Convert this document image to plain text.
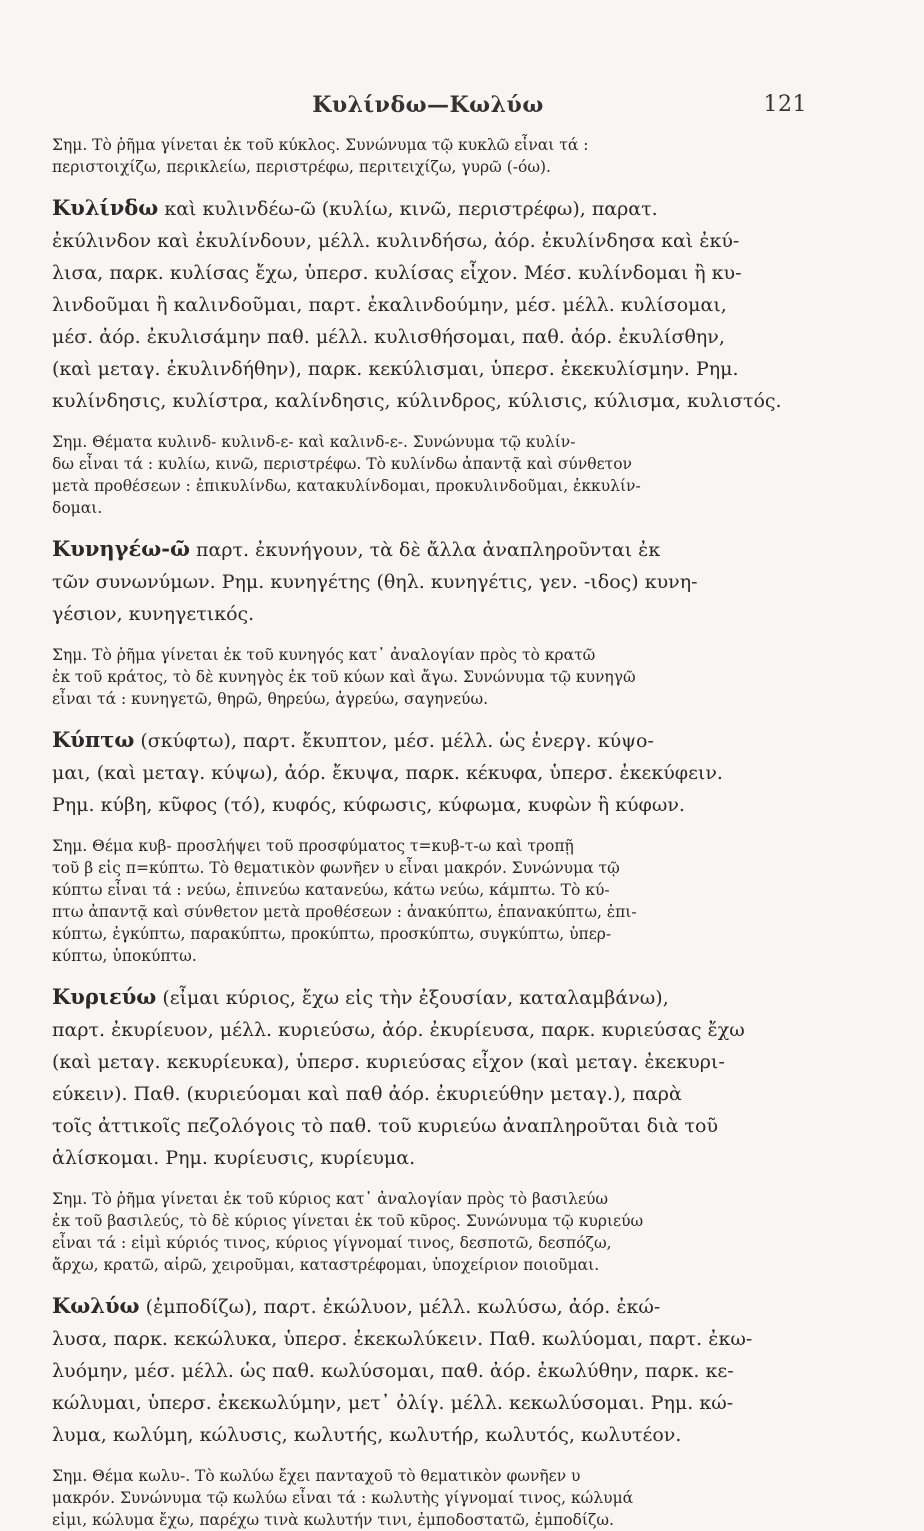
Κυλίνδω—Κωλύω	121

Σημ. Τὸ ῥῆμα γίνεται ἐκ τοῦ κύκλος. Συνώνυμα τῷ κυκλῶ εἶναι τά :

περιστοιχίζω, περικλείω, περιστρέφω, περιτειχίζω, γυρῶ (-όω).

Κυλίνδω καὶ κυλινδέω-ῶ (κυλίω, κινῶ, περιστρέφω), παρατ.

ἐκύλινδον καὶ ἐκυλίνδουν, μέλλ. κυλινδήσω, ἀόρ. ἐκυλίνδησα καὶ ἐκύ-

λισα, παρκ. κυλίσας ἔχω, ὑπερσ. κυλίσας εἶχον. Μέσ. κυλίνδομαι ἢ κυ-

λινδοῦμαι ἢ καλινδοῦμαι, παρτ. ἐκαλινδούμην, μέσ. μέλλ. κυλίσομαι,

μέσ. ἀόρ. ἐκυλισάμην παθ. μέλλ. κυλισθήσομαι, παθ. ἀόρ. ἐκυλίσθην,

(καὶ μεταγ. ἐκυλινδήθην), παρκ. κεκύλισμαι, ὑπερσ. ἐκεκυλίσμην. Ρημ.

κυλίνδησις, κυλίστρα, καλίνδησις, κύλινδρος, κύλισις, κύλισμα, κυλιστός.

Σημ. Θέματα κυλινδ- κυλινδ-ε- καὶ καλινδ-ε-. Συνώνυμα τῷ κυλίν-

δω εἶναι τά : κυλίω, κινῶ, περιστρέφω. Τὸ κυλίνδω ἀπαντᾷ καὶ σύνθετον

μετὰ προθέσεων : ἐπικυλίνδω, κατακυλίνδομαι, προκυλινδοῦμαι, ἐκκυλίν-

δομαι.

Κυνηγέω-ῶ παρτ. ἐκυνήγουν, τὰ δὲ ἄλλα ἀναπληροῦνται ἐκ

τῶν συνωνύμων. Ρημ. κυνηγέτης (θηλ. κυνηγέτις, γεν. -ιδος) κυνη-

γέσιον, κυνηγετικός.

Σημ. Τὸ ῥῆμα γίνεται ἐκ τοῦ κυνηγός κατ᾽ ἀναλογίαν πρὸς τὸ κρατῶ

ἐκ τοῦ κράτος, τὸ δὲ κυνηγὸς ἐκ τοῦ κύων καὶ ἄγω. Συνώνυμα τῷ κυνηγῶ

εἶναι τά : κυνηγετῶ, θηρῶ, θηρεύω, ἀγρεύω, σαγηνεύω.

Κύπτω (σκύφτω), παρτ. ἔκυπτον, μέσ. μέλλ. ὡς ἐνεργ. κύψο-

μαι, (καὶ μεταγ. κύψω), ἀόρ. ἔκυψα, παρκ. κέκυφα, ὑπερσ. ἐκεκύφειν.

Ρημ. κύβη, κῦφος (τό), κυφός, κύφωσις, κύφωμα, κυφὼν ἢ κύφων.

Σημ. Θέμα κυβ- προσλήψει τοῦ προσφύματος τ=κυβ-τ-ω καὶ τροπῇ

τοῦ β εἰς π=κύπτω. Τὸ θεματικὸν φωνῆεν υ εἶναι μακρόν. Συνώνυμα τῷ

κύπτω εἶναι τά : νεύω, ἐπινεύω κατανεύω, κάτω νεύω, κάμπτω. Τὸ κύ-

πτω ἀπαντᾷ καὶ σύνθετον μετὰ προθέσεων : ἀνακύπτω, ἐπανακύπτω, ἐπι-

κύπτω, ἐγκύπτω, παρακύπτω, προκύπτω, προσκύπτω, συγκύπτω, ὑπερ-

κύπτω, ὑποκύπτω.

Κυριεύω (εἶμαι κύριος, ἔχω εἰς τὴν ἐξουσίαν, καταλαμβάνω),

παρτ. ἐκυρίευον, μέλλ. κυριεύσω, ἀόρ. ἐκυρίευσα, παρκ. κυριεύσας ἔχω

(καὶ μεταγ. κεκυρίευκα), ὑπερσ. κυριεύσας εἶχον (καὶ μεταγ. ἐκεκυρι-

εύκειν). Παθ. (κυριεύομαι καὶ παθ ἀόρ. ἐκυριεύθην μεταγ.), παρὰ

τοῖς ἀττικοῖς πεζολόγοις τὸ παθ. τοῦ κυριεύω ἀναπληροῦται διὰ τοῦ

ἁλίσκομαι. Ρημ. κυρίευσις, κυρίευμα.

Σημ. Τὸ ῥῆμα γίνεται ἐκ τοῦ κύριος κατ᾽ ἀναλογίαν πρὸς τὸ βασιλεύω

ἐκ τοῦ βασιλεύς, τὸ δὲ κύριος γίνεται ἐκ τοῦ κῦρος. Συνώνυμα τῷ κυριεύω

εἶναι τά : εἰμὶ κύριός τινος, κύριος γίγνομαί τινος, δεσποτῶ, δεσπόζω,

ἄρχω, κρατῶ, αἱρῶ, χειροῦμαι, καταστρέφομαι, ὑποχείριον ποιοῦμαι.

Κωλύω (ἐμποδίζω), παρτ. ἐκώλυον, μέλλ. κωλύσω, ἀόρ. ἐκώ-

λυσα, παρκ. κεκώλυκα, ὑπερσ. ἐκεκωλύκειν. Παθ. κωλύομαι, παρτ. ἐκω-

λυόμην, μέσ. μέλλ. ὡς παθ. κωλύσομαι, παθ. ἀόρ. ἐκωλύθην, παρκ. κε-

κώλυμαι, ὑπερσ. ἐκεκωλύμην, μετ᾽ ὀλίγ. μέλλ. κεκωλύσομαι. Ρημ. κώ-

λυμα, κωλύμη, κώλυσις, κωλυτής, κωλυτήρ, κωλυτός, κωλυτέον.

Σημ. Θέμα κωλυ-. Τὸ κωλύω ἔχει πανταχοῦ τὸ θεματικὸν φωνῆεν υ

μακρόν. Συνώνυμα τῷ κωλύω εἶναι τά : κωλυτὴς γίγνομαί τινος, κώλυμά

εἰμι, κώλυμα ἔχω, παρέχω τινὰ κωλυτήν τινι, ἐμποδοστατῶ, ἐμποδίζω.
